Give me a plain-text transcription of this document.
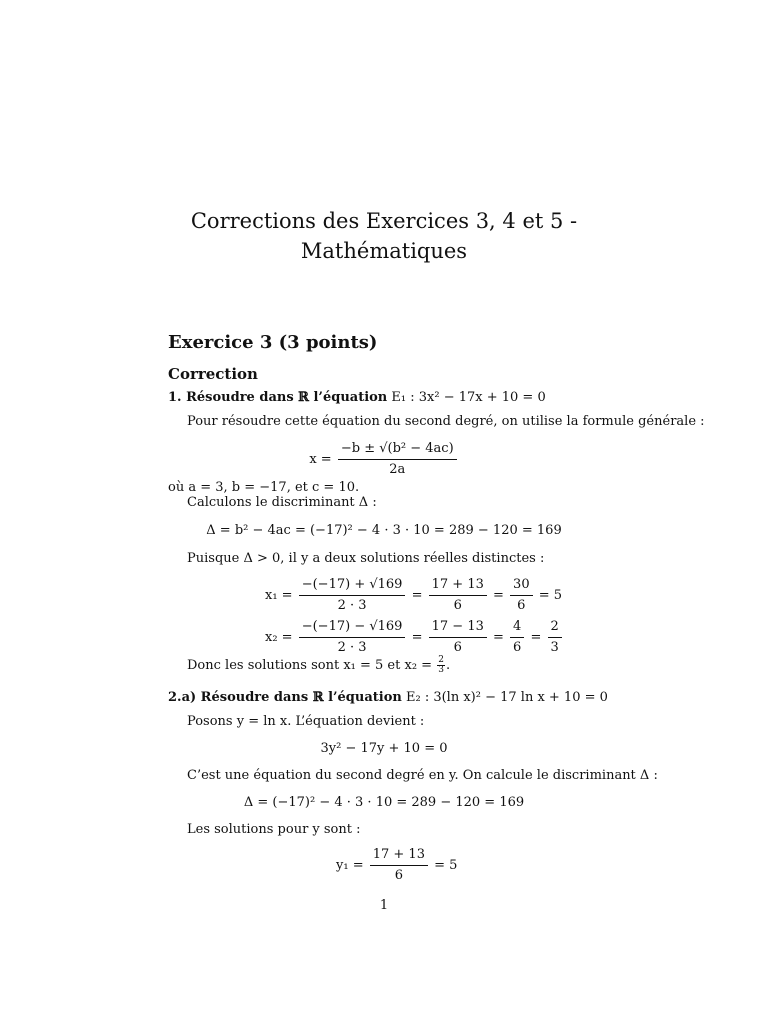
Corrections des Exercices 3, 4 et 5 -
Mathématiques
Exercice 3 (3 points)
Correction
1. Résoudre dans ℝ l’équation E₁ : 3x² − 17x + 10 = 0
Pour résoudre cette équation du second degré, on utilise la formule générale :
$x = \frac{\text{−b ± √(b² − 4ac)}}{2a}$
où a = 3, b = −17, et c = 10.
Calculons le discriminant Δ :
Δ = b² − 4ac = (−17)² − 4 · 3 · 10 = 289 − 120 = 169
Puisque Δ > 0, il y a deux solutions réelles distinctes :
$x_1 = \frac{-(-17) + √169}{2 \cdot 3} = \frac{17 + 13}{6} = \frac{30}{6} = 5$
$x_2 = \frac{-(-17) - √169}{2 \cdot 3} = \frac{17 - 13}{6} = \frac{4}{6} = \frac{2}{3}$
Donc les solutions sont x₁ = 5 et $x_2 = \frac{2}{3}$ .
2.a) Résoudre dans ℝ l’équation E₂ : 3(ln x)² − 17 ln x + 10 = 0
Posons y = ln x. L’équation devient :
3y² − 17y + 10 = 0
C’est une équation du second degré en y. On calcule le discriminant Δ :
Δ = (−17)² − 4 · 3 · 10 = 289 − 120 = 169
Les solutions pour y sont :
$y_1 = \frac{17 + 13}{6} = 5$
1
